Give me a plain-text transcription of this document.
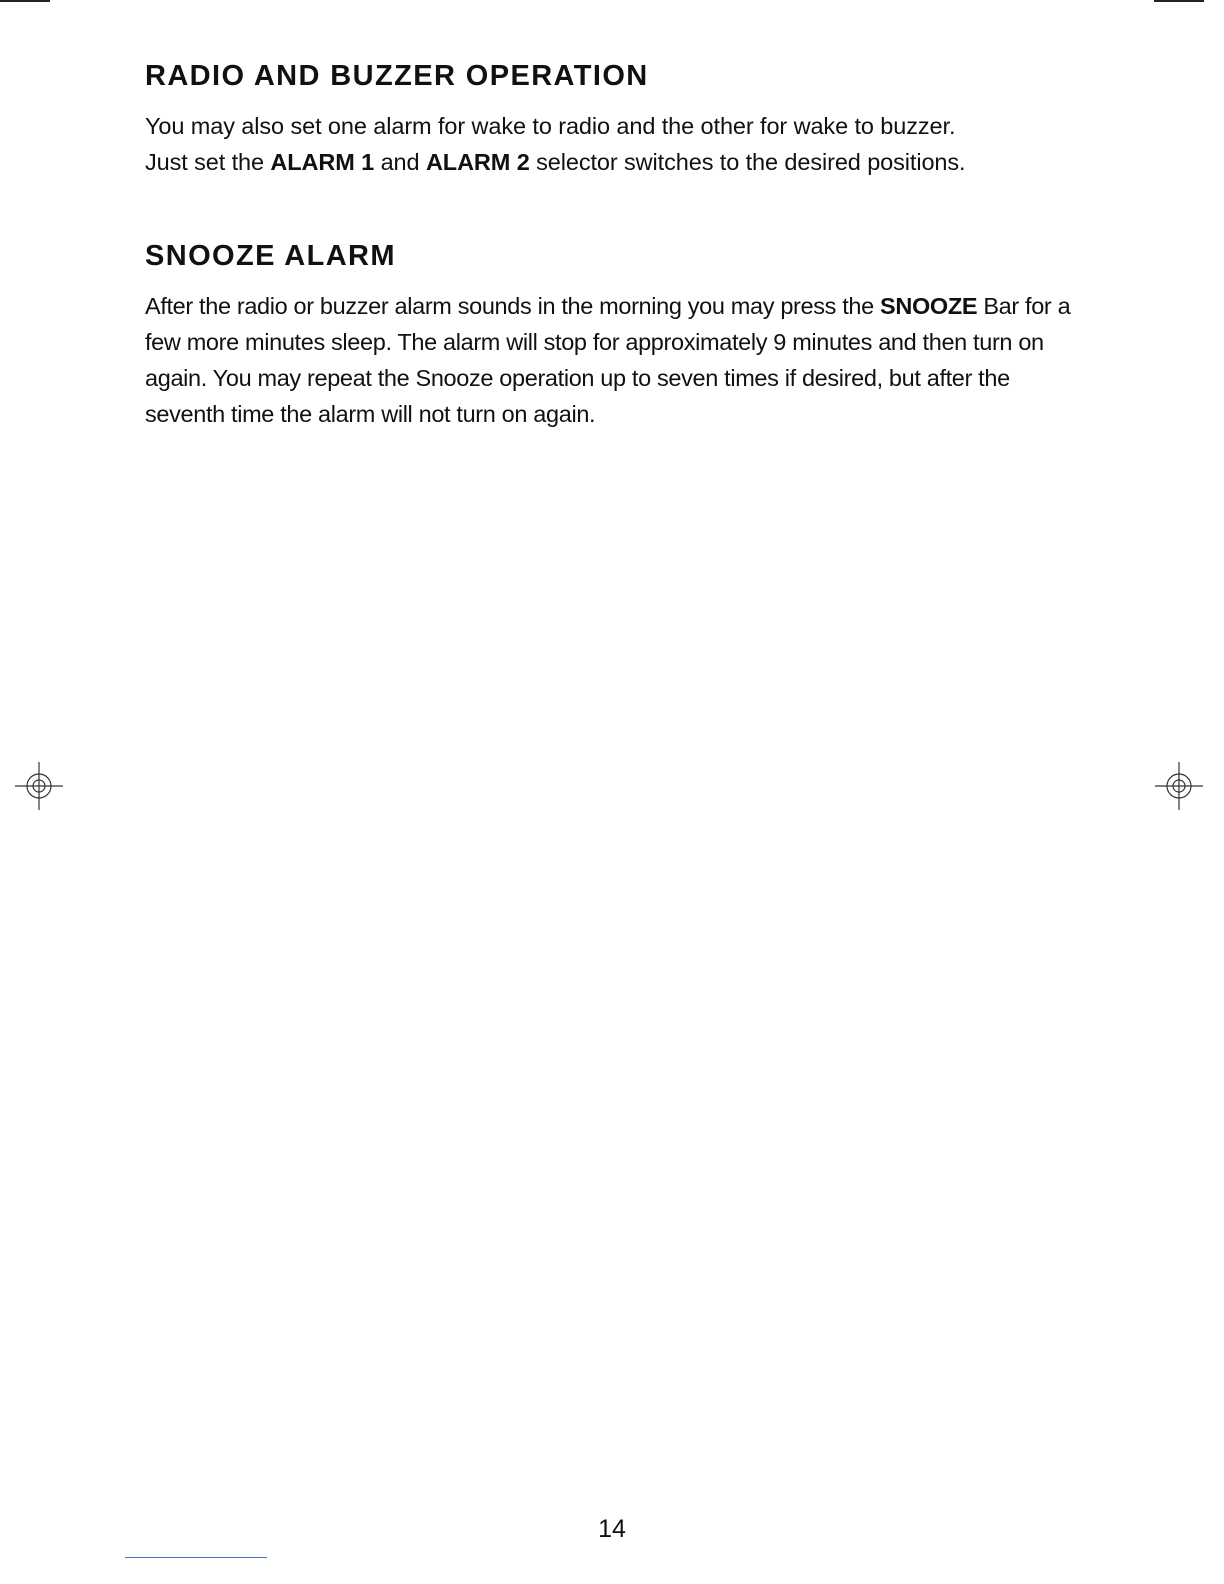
RADIO AND BUZZER OPERATION

You may also set one alarm for wake to radio and the other for wake to buzzer.
Just set the ALARM 1 and ALARM 2 selector switches to the desired positions.

SNOOZE ALARM

After the radio or buzzer alarm sounds in the morning you may press the SNOOZE Bar for a few more minutes sleep. The alarm will stop for approximately 9 minutes and then turn on again. You may repeat the Snooze operation up to seven times if desired, but after the seventh time the alarm will not turn on again.

14
